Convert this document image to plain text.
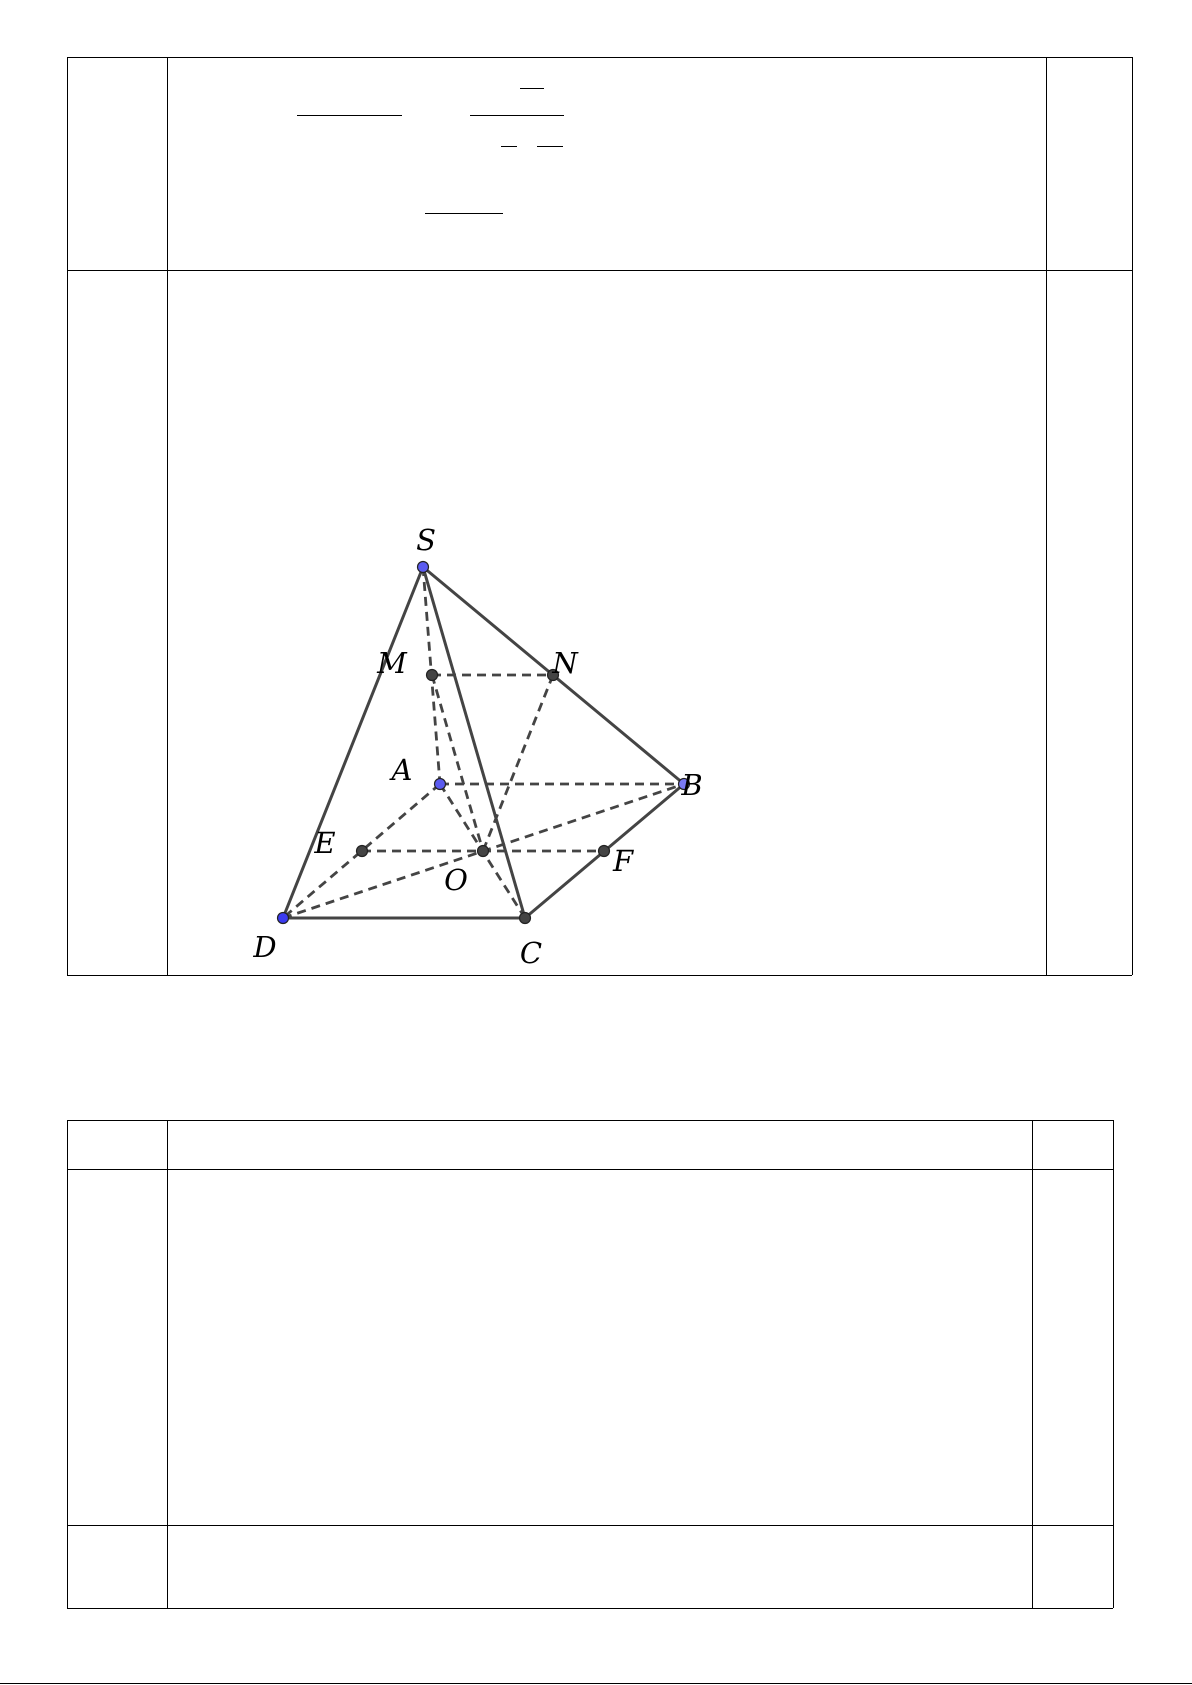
S
M	N
A	B
E
O
F
D	C
